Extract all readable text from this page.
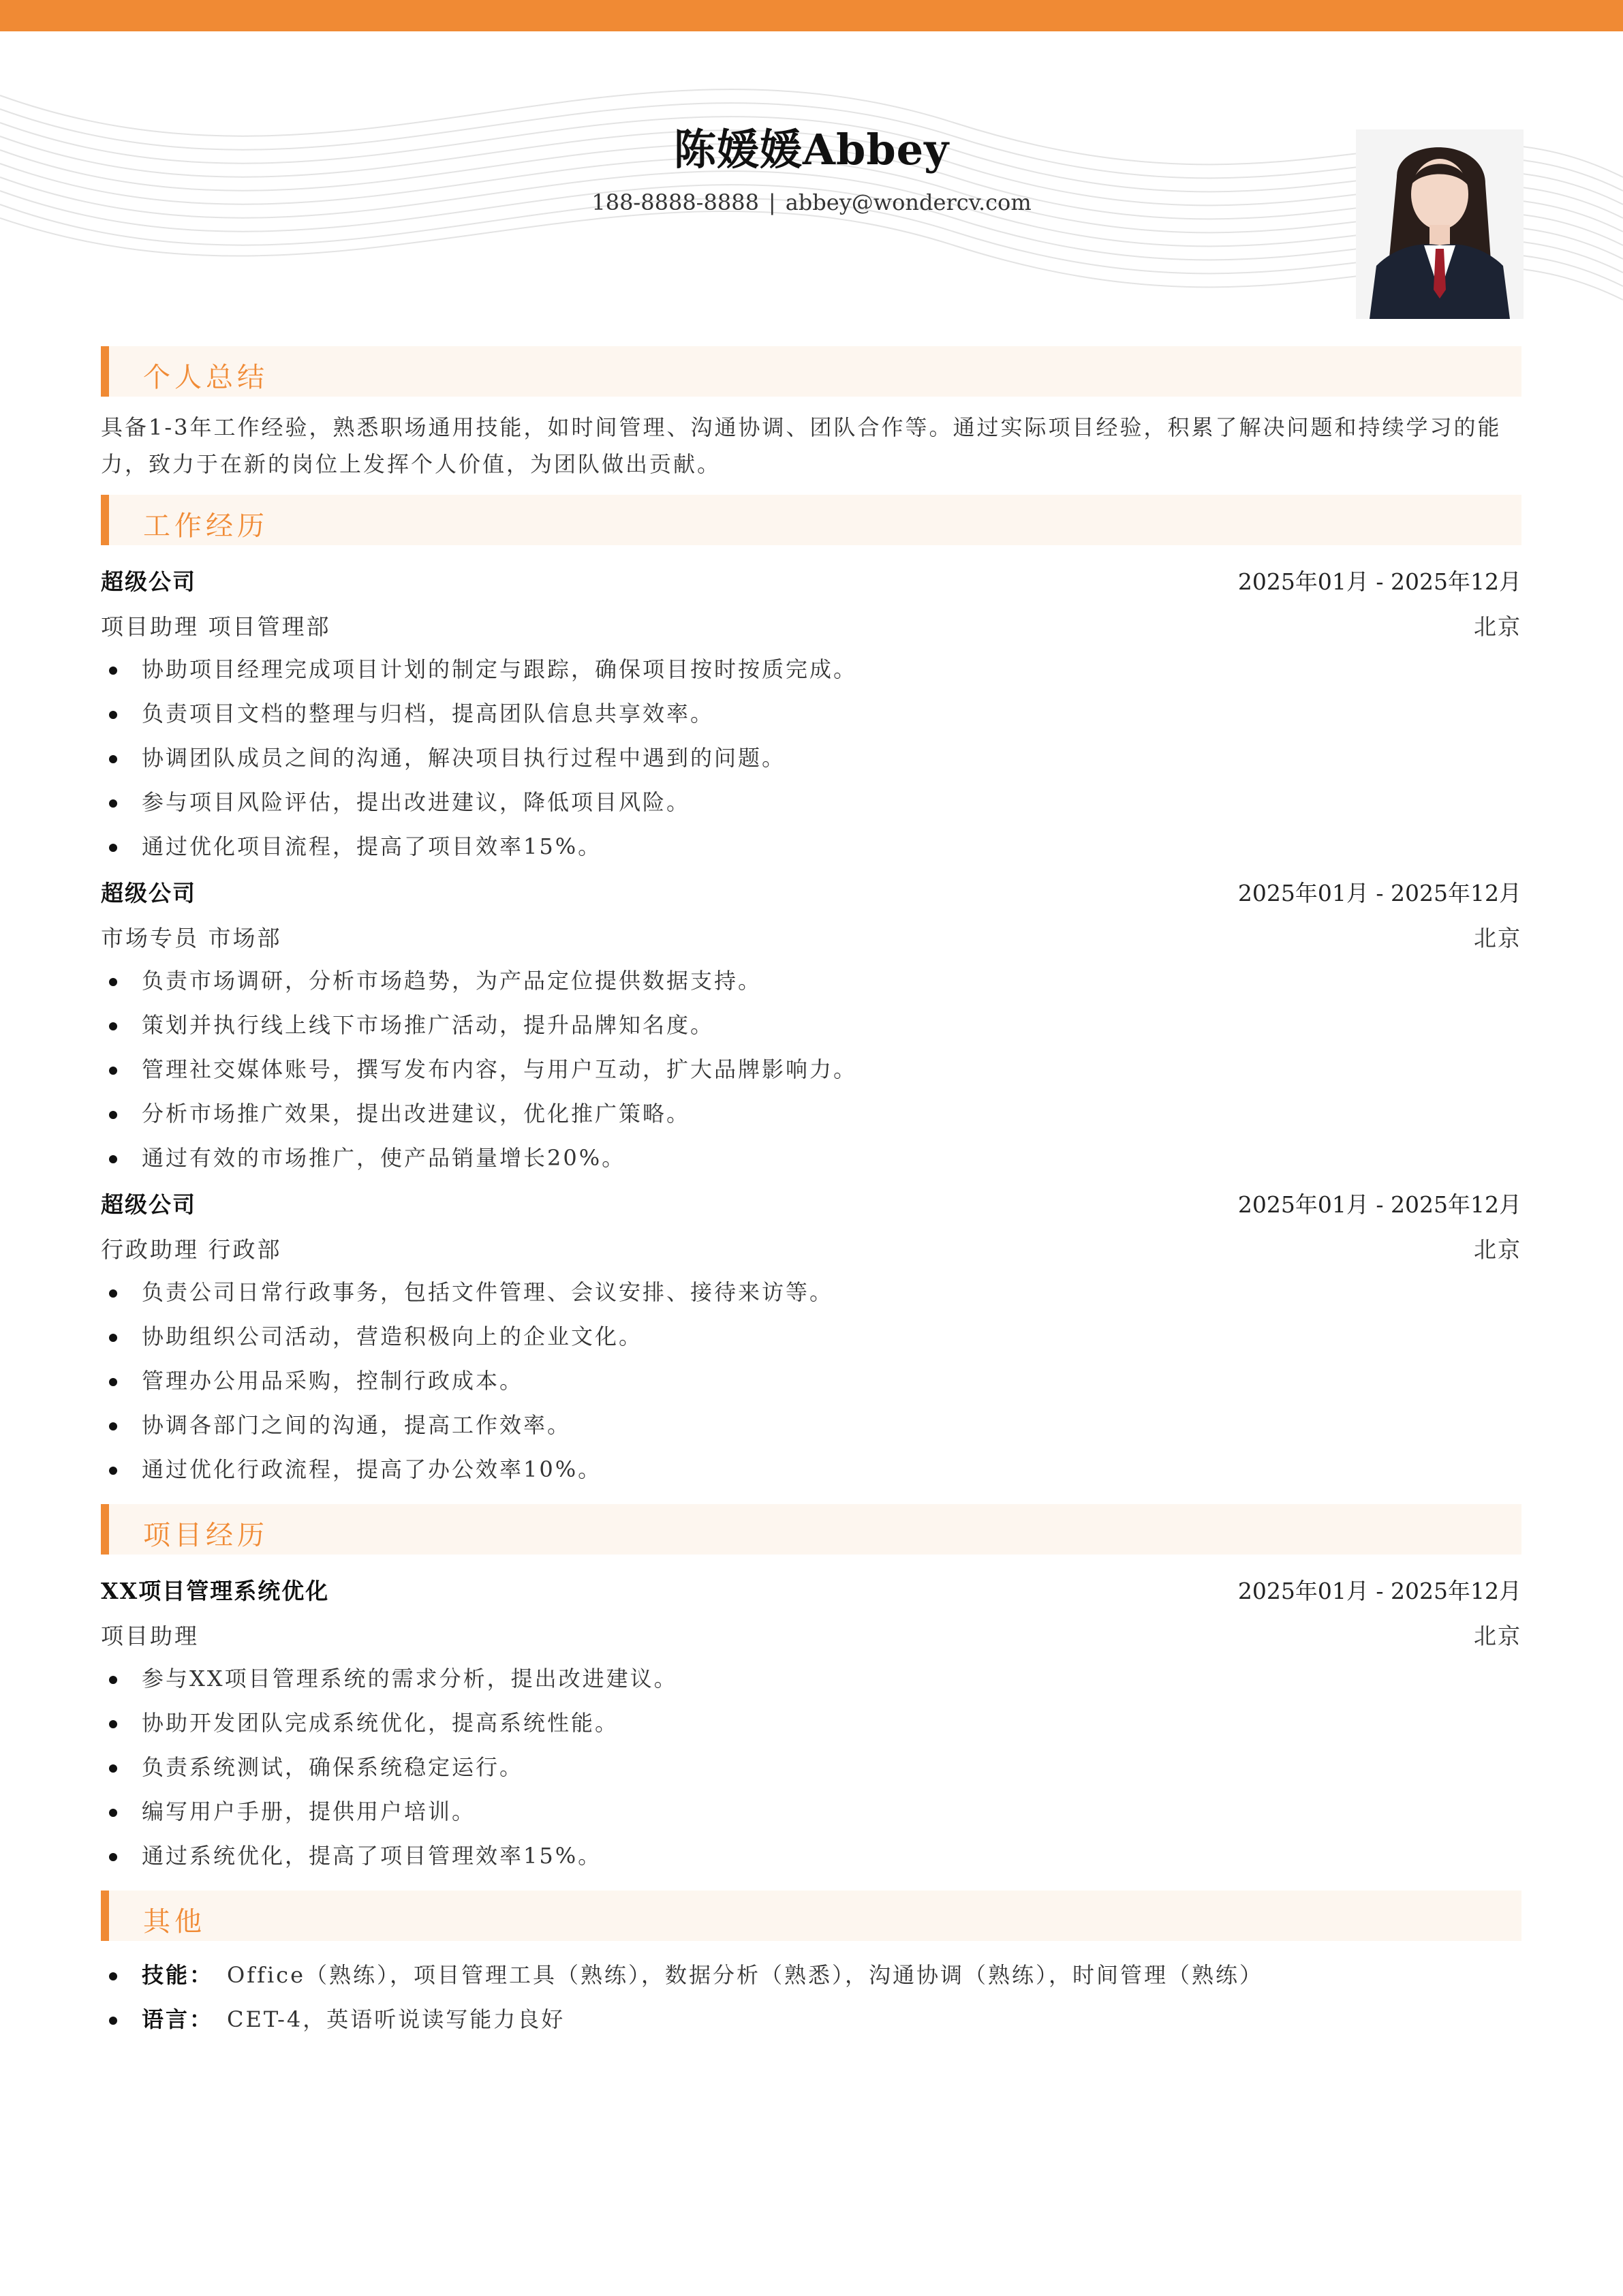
陈媛媛Abbey
188-8888-8888 | abbey@wondercv.com
个人总结

具备1-3年工作经验，熟悉职场通用技能，如时间管理、沟通协调、团队合作等。通过实际项目经验，积累了解决问题和持续学习的能力，致力于在新的岗位上发挥个人价值，为团队做出贡献。

工作经历
超级公司	2025年01月 - 2025年12月
项目助理 项目管理部	北京
协助项目经理完成项目计划的制定与跟踪，确保项目按时按质完成。
负责项目文档的整理与归档，提高团队信息共享效率。
协调团队成员之间的沟通，解决项目执行过程中遇到的问题。
参与项目风险评估，提出改进建议，降低项目风险。
通过优化项目流程，提高了项目效率15%。
超级公司	2025年01月 - 2025年12月
市场专员 市场部	北京
负责市场调研，分析市场趋势，为产品定位提供数据支持。
策划并执行线上线下市场推广活动，提升品牌知名度。
管理社交媒体账号，撰写发布内容，与用户互动，扩大品牌影响力。
分析市场推广效果，提出改进建议，优化推广策略。
通过有效的市场推广，使产品销量增长20%。
超级公司	2025年01月 - 2025年12月
行政助理 行政部	北京
负责公司日常行政事务，包括文件管理、会议安排、接待来访等。
协助组织公司活动，营造积极向上的企业文化。
管理办公用品采购，控制行政成本。
协调各部门之间的沟通，提高工作效率。
通过优化行政流程，提高了办公效率10%。
项目经历
XX项目管理系统优化	2025年01月 - 2025年12月
项目助理	北京
参与XX项目管理系统的需求分析，提出改进建议。
协助开发团队完成系统优化，提高系统性能。
负责系统测试，确保系统稳定运行。
编写用户手册，提供用户培训。
通过系统优化，提高了项目管理效率15%。
其他
技能： Office（熟练），项目管理工具（熟练），数据分析（熟悉），沟通协调（熟练），时间管理（熟练）
语言： CET-4，英语听说读写能力良好
